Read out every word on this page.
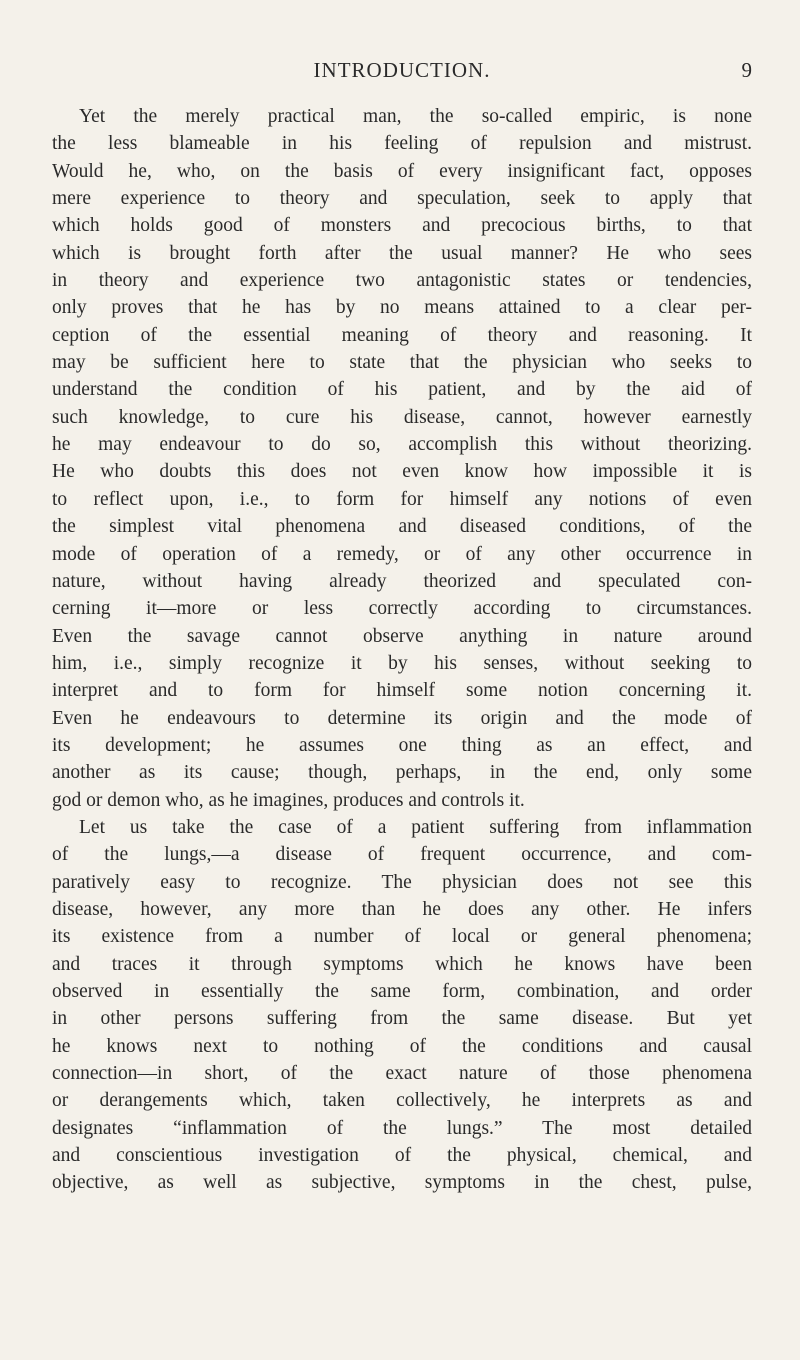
INTRODUCTION.	9
Yet the merely practical man, the so-called empiric, is none
the less blameable in his feeling of repulsion and mistrust.
Would he, who, on the basis of every insignificant fact, opposes
mere experience to theory and speculation, seek to apply that
which holds good of monsters and precocious births, to that
which is brought forth after the usual manner? He who sees
in theory and experience two antagonistic states or tendencies,
only proves that he has by no means attained to a clear per-
ception of the essential meaning of theory and reasoning. It
may be sufficient here to state that the physician who seeks to
understand the condition of his patient, and by the aid of
such knowledge, to cure his disease, cannot, however earnestly
he may endeavour to do so, accomplish this without theorizing.
He who doubts this does not even know how impossible it is
to reflect upon, i.e., to form for himself any notions of even
the simplest vital phenomena and diseased conditions, of the
mode of operation of a remedy, or of any other occurrence in
nature, without having already theorized and speculated con-
cerning it—more or less correctly according to circumstances.
Even the savage cannot observe anything in nature around
him, i.e., simply recognize it by his senses, without seeking to
interpret and to form for himself some notion concerning it.
Even he endeavours to determine its origin and the mode of
its development; he assumes one thing as an effect, and
another as its cause; though, perhaps, in the end, only some
god or demon who, as he imagines, produces and controls it.
Let us take the case of a patient suffering from inflammation
of the lungs,—a disease of frequent occurrence, and com-
paratively easy to recognize. The physician does not see this
disease, however, any more than he does any other. He infers
its existence from a number of local or general phenomena;
and traces it through symptoms which he knows have been
observed in essentially the same form, combination, and order
in other persons suffering from the same disease. But yet
he knows next to nothing of the conditions and causal
connection—in short, of the exact nature of those phenomena
or derangements which, taken collectively, he interprets as and
designates “inflammation of the lungs.” The most detailed
and conscientious investigation of the physical, chemical, and
objective, as well as subjective, symptoms in the chest, pulse,
